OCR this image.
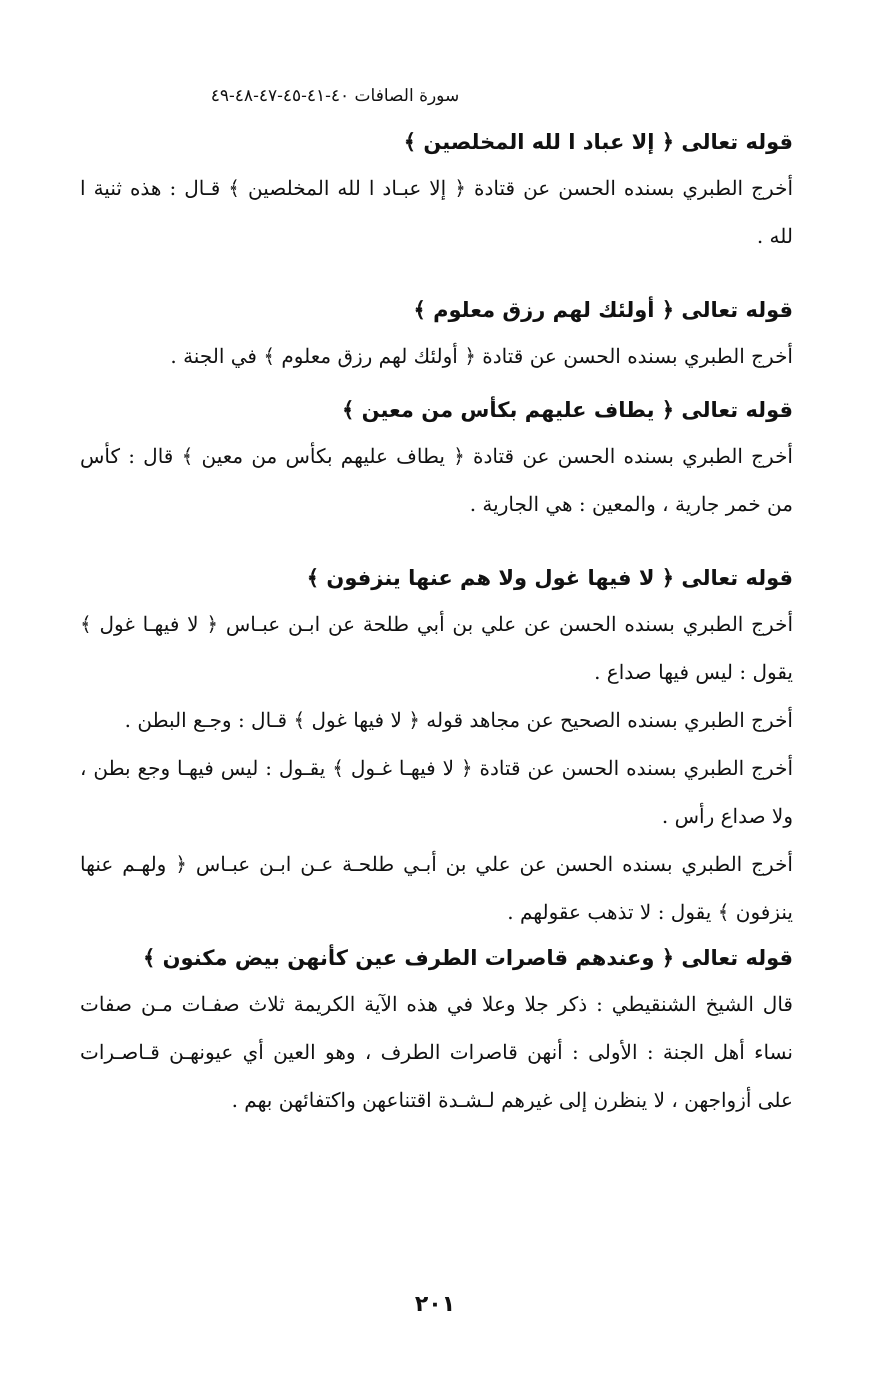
سورة الصافات ٤٠-٤١-٤٥-٤٧-٤٨-٤٩
قوله تعالى ﴿ إلا عباد ا لله المخلصين ﴾

أخرج الطبري بسنده الحسن عن قتادة ﴿ إلا عبـاد ا لله المخلصين ﴾ قـال : هذه ثنية ا لله .

قوله تعالى ﴿ أولئك لهم رزق معلوم ﴾

أخرج الطبري بسنده الحسن عن قتادة ﴿ أولئك لهم رزق معلوم ﴾ في الجنة .

قوله تعالى ﴿ يطاف عليهم بكأس من معين ﴾

أخرج الطبري بسنده الحسن عن قتادة ﴿ يطاف عليهم بكأس من معين ﴾ قال : كأس من خمر جارية ، والمعين : هي الجارية .

قوله تعالى ﴿ لا فيها غول ولا هم عنها ينزفون ﴾

أخرج الطبري بسنده الحسن عن علي بن أبي طلحة عن ابـن عبـاس ﴿ لا فيهـا غول ﴾ يقول : ليس فيها صداع .

أخرج الطبري بسنده الصحيح عن مجاهد قوله ﴿ لا فيها غول ﴾ قـال : وجـع البطن .

أخرج الطبري بسنده الحسن عن قتادة ﴿ لا فيهـا غـول ﴾ يقـول : ليس فيهـا وجع بطن ، ولا صداع رأس .

أخرج الطبري بسنده الحسن عن علي بن أبـي طلحـة عـن ابـن عبـاس ﴿ ولهـم عنها ينزفون ﴾ يقول : لا تذهب عقولهم .

قوله تعالى ﴿ وعندهم قاصرات الطرف عين كأنهن بيض مكنون ﴾

قال الشيخ الشنقيطي : ذكر جلا وعلا في هذه الآية الكريمة ثلاث صفـات مـن صفات نساء أهل الجنة : الأولى : أنهن قاصرات الطرف ، وهو العين أي عيونهـن قـاصـرات على أزواجهن ، لا ينظرن إلى غيرهم لـشـدة اقتناعهن واكتفائهن بهم .

٢٠١
